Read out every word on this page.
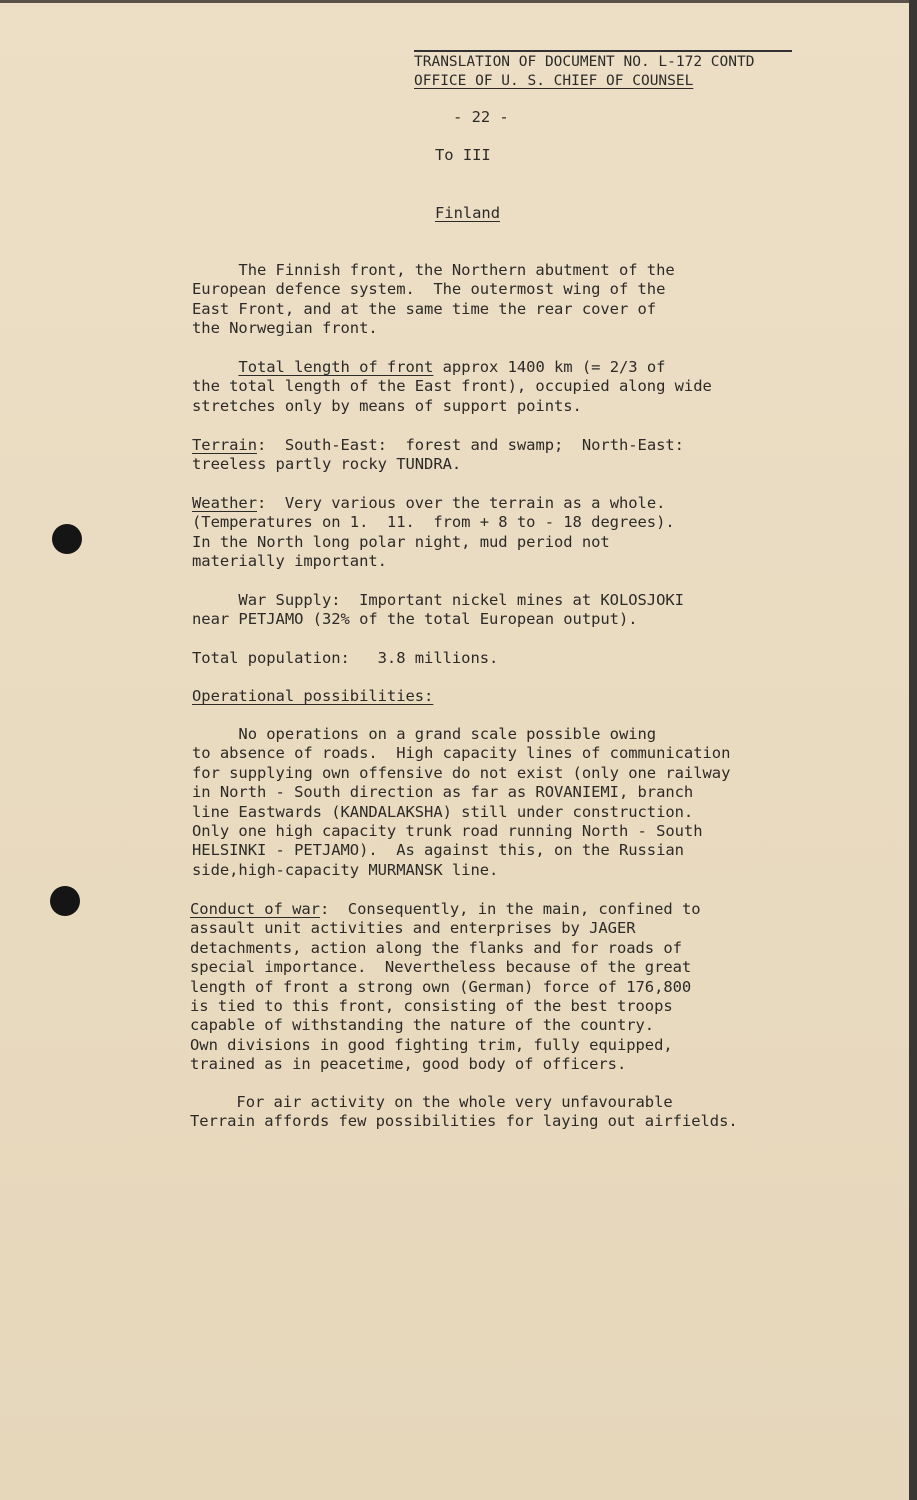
TRANSLATION OF DOCUMENT NO. L-172 CONTD
OFFICE OF U. S. CHIEF OF COUNSEL
- 22 -
To III
Finland
The Finnish front, the Northern abutment of the
European defence system.  The outermost wing of the
East Front, and at the same time the rear cover of
the Norwegian front.
Total length of front approx 1400 km (= 2/3 of
the total length of the East front), occupied along wide
stretches only by means of support points.
Terrain:  South-East:  forest and swamp;  North-East:
treeless partly rocky TUNDRA.
Weather:  Very various over the terrain as a whole.
(Temperatures on 1.  11.  from + 8 to - 18 degrees).
In the North long polar night, mud period not
materially important.
War Supply:  Important nickel mines at KOLOSJOKI
near PETJAMO (32% of the total European output).
Total population:   3.8 millions.
Operational possibilities:
No operations on a grand scale possible owing
to absence of roads.  High capacity lines of communication
for supplying own offensive do not exist (only one railway
in North - South direction as far as ROVANIEMI, branch
line Eastwards (KANDALAKSHA) still under construction.
Only one high capacity trunk road running North - South
HELSINKI - PETJAMO).  As against this, on the Russian
side,high-capacity MURMANSK line.
Conduct of war:  Consequently, in the main, confined to
assault unit activities and enterprises by JAGER
detachments, action along the flanks and for roads of
special importance.  Nevertheless because of the great
length of front a strong own (German) force of 176,800
is tied to this front, consisting of the best troops
capable of withstanding the nature of the country.
Own divisions in good fighting trim, fully equipped,
trained as in peacetime, good body of officers.
For air activity on the whole very unfavourable
Terrain affords few possibilities for laying out airfields.
